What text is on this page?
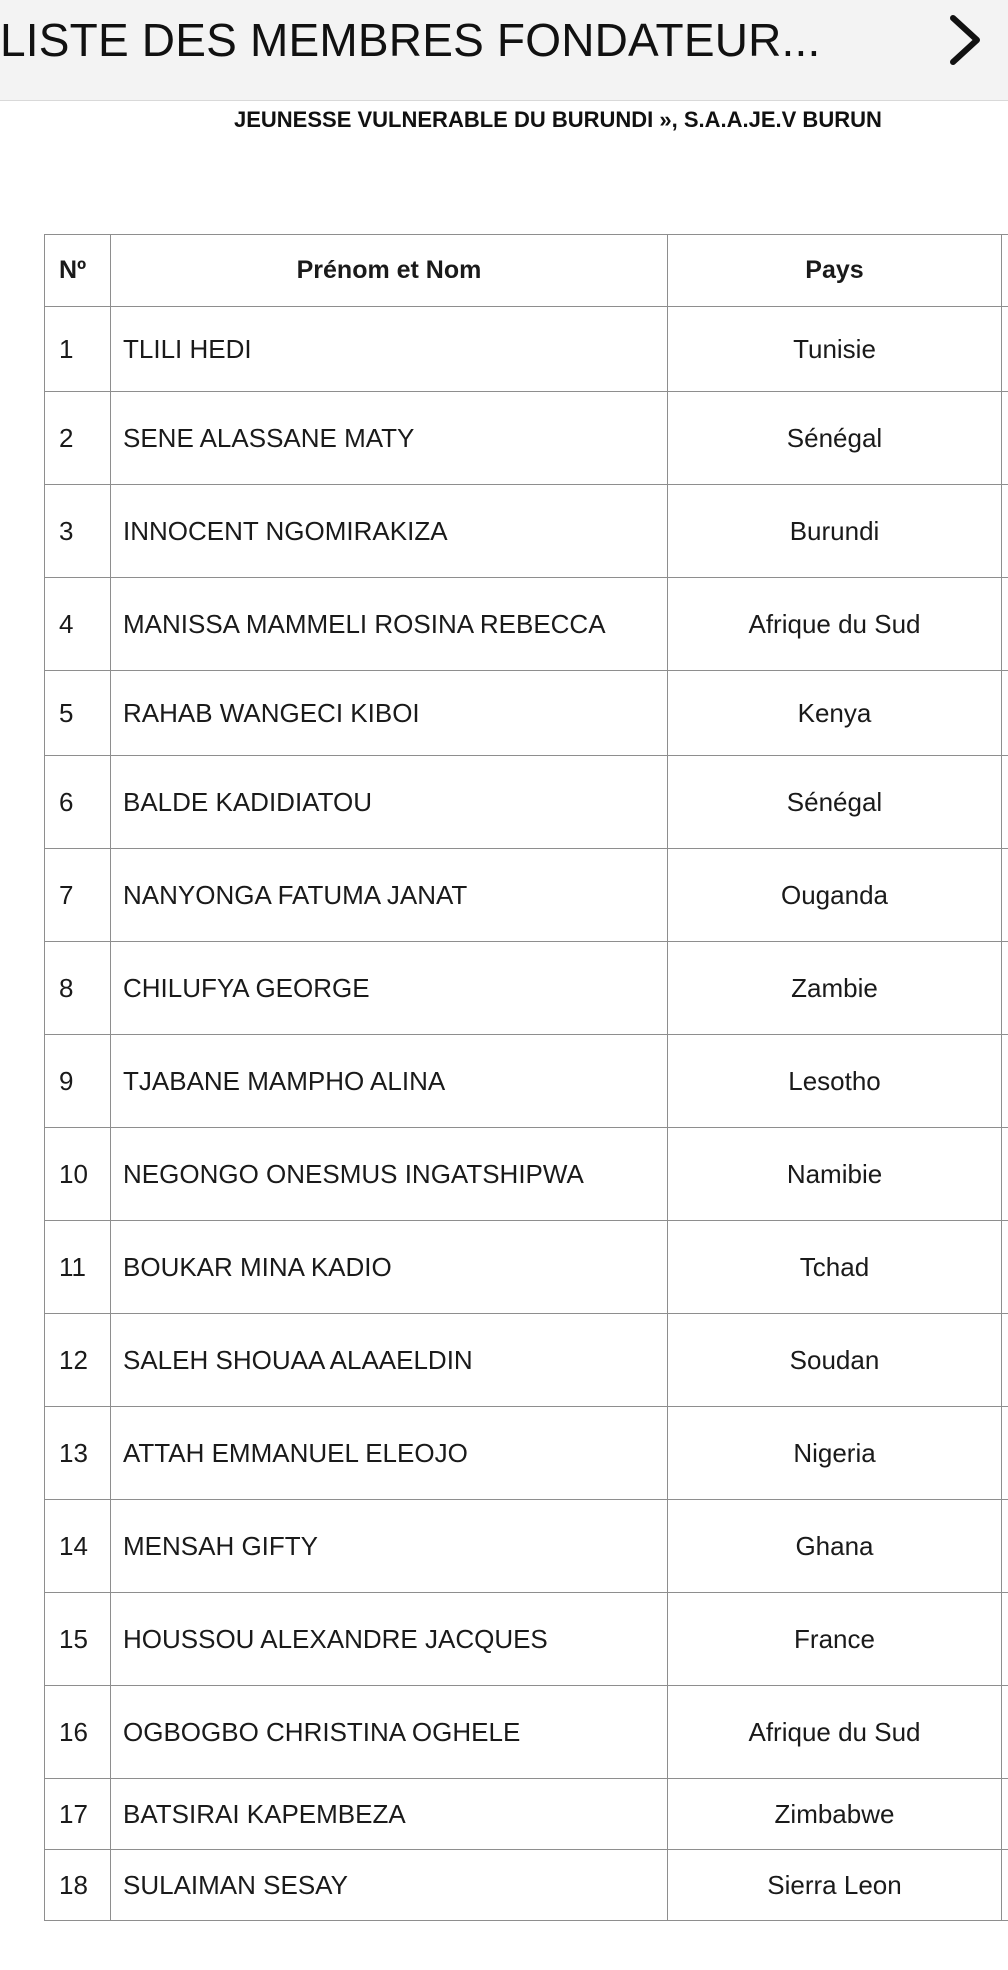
LISTE DES MEMBRES FONDATEUR...
JEUNESSE VULNERABLE DU BURUNDI », S.A.A.JE.V BURUN
Nº	Prénom et Nom	Pays	
1	TLILI HEDI	Tunisie	
2	SENE ALASSANE MATY	Sénégal	
3	INNOCENT NGOMIRAKIZA	Burundi	
4	MANISSA MAMMELI ROSINA REBECCA	Afrique du Sud	
5	RAHAB WANGECI KIBOI	Kenya	
6	BALDE KADIDIATOU	Sénégal	
7	NANYONGA FATUMA JANAT	Ouganda	
8	CHILUFYA GEORGE	Zambie	
9	TJABANE MAMPHO ALINA	Lesotho	
10	NEGONGO ONESMUS INGATSHIPWA	Namibie	
11	BOUKAR MINA KADIO	Tchad	
12	SALEH SHOUAA ALAAELDIN	Soudan	
13	ATTAH EMMANUEL ELEOJO	Nigeria	
14	MENSAH GIFTY	Ghana	
15	HOUSSOU ALEXANDRE JACQUES	France	
16	OGBOGBO CHRISTINA OGHELE	Afrique du Sud	
17	BATSIRAI KAPEMBEZA	Zimbabwe	
18	SULAIMAN SESAY	Sierra Leon	
